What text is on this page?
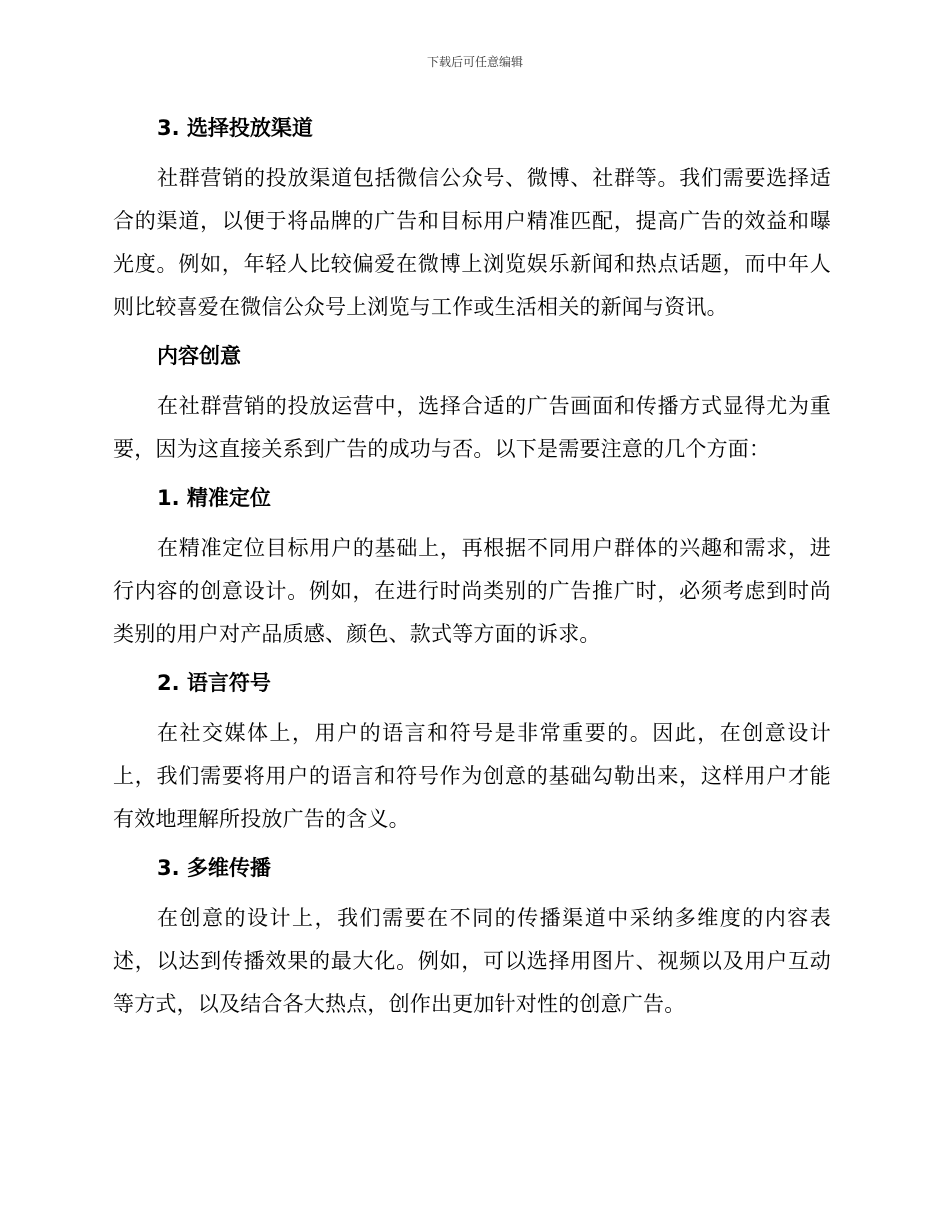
下载后可任意编辑
3. 选择投放渠道

社群营销的投放渠道包括微信公众号、微博、社群等。我们需要选择适合的渠道，以便于将品牌的广告和目标用户精准匹配，提高广告的效益和曝光度。例如，年轻人比较偏爱在微博上浏览娱乐新闻和热点话题，而中年人则比较喜爱在微信公众号上浏览与工作或生活相关的新闻与资讯。

内容创意

在社群营销的投放运营中，选择合适的广告画面和传播方式显得尤为重要，因为这直接关系到广告的成功与否。以下是需要注意的几个方面：

1. 精准定位

在精准定位目标用户的基础上，再根据不同用户群体的兴趣和需求，进行内容的创意设计。例如，在进行时尚类别的广告推广时，必须考虑到时尚类别的用户对产品质感、颜色、款式等方面的诉求。

2. 语言符号

在社交媒体上，用户的语言和符号是非常重要的。因此，在创意设计上，我们需要将用户的语言和符号作为创意的基础勾勒出来，这样用户才能有效地理解所投放广告的含义。

3. 多维传播

在创意的设计上，我们需要在不同的传播渠道中采纳多维度的内容表述，以达到传播效果的最大化。例如，可以选择用图片、视频以及用户互动等方式，以及结合各大热点，创作出更加针对性的创意广告。
